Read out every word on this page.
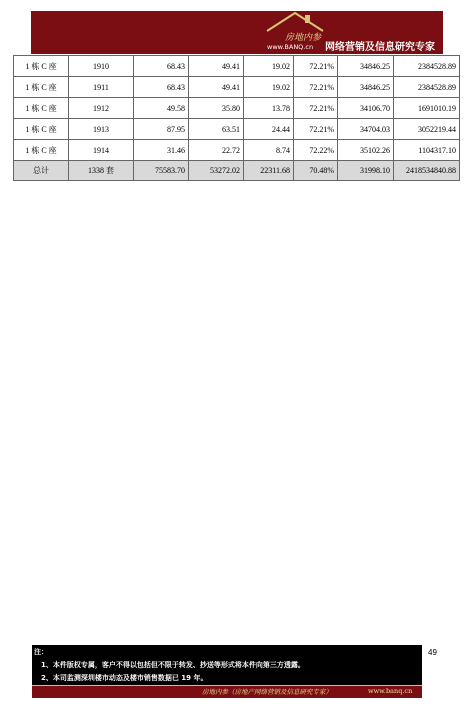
房地内参
www.BANQ.cn 网络营销及信息研究专家
1 栋 C 座	1910	68.43	49.41	19.02	72.21%	34846.25	2384528.89
1 栋 C 座	1911	68.43	49.41	19.02	72.21%	34846.25	2384528.89
1 栋 C 座	1912	49.58	35.80	13.78	72.21%	34106.70	1691010.19
1 栋 C 座	1913	87.95	63.51	24.44	72.21%	34704.03	3052219.44
1 栋 C 座	1914	31.46	22.72	8.74	72.22%	35102.26	1104317.10
总计	1338 套	75583.70	53272.02	22311.68	70.48%	31998.10	2418534840.88
注：
1、本件版权专属，客户不得以包括但不限于转发、抄送等形式将本件向第三方透露。
2、本司监测深圳楼市动态及楼市销售数据已 19 年。
房地内参（房地产网络营销及信息研究专家）	www.banq.cn
49
